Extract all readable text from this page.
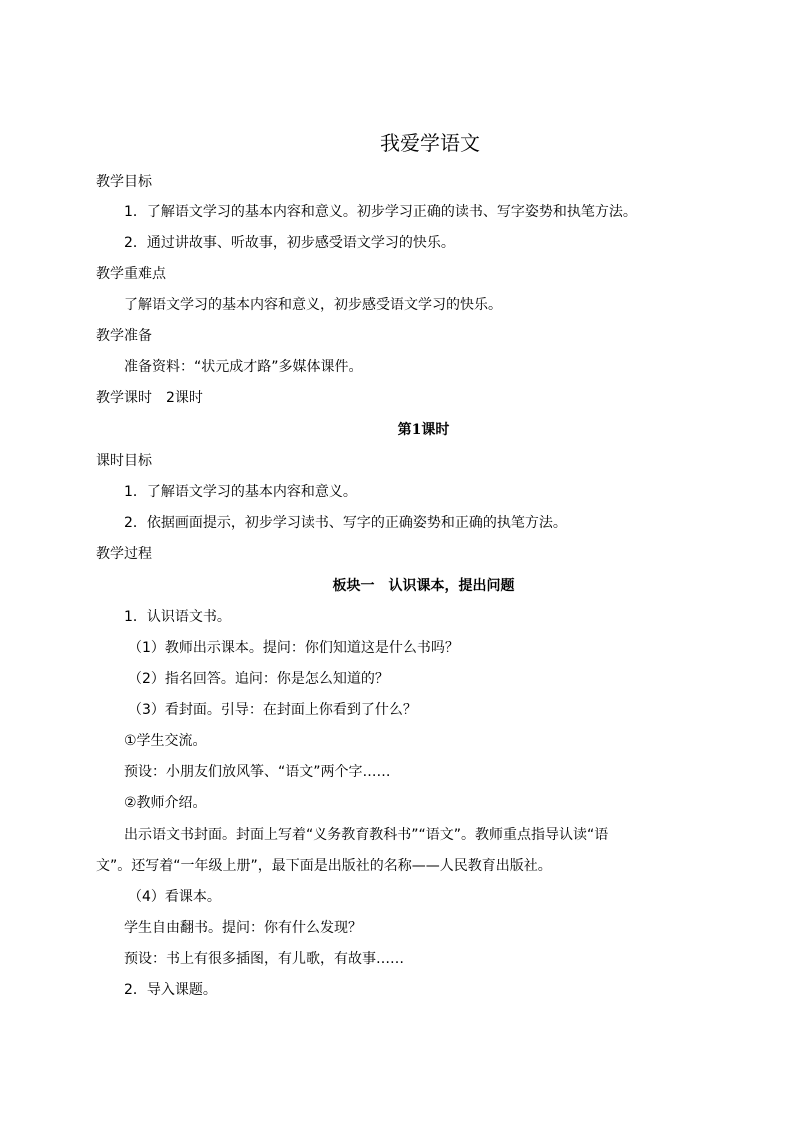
我爱学语文
教学目标
1．了解语文学习的基本内容和意义。初步学习正确的读书、写字姿势和执笔方法。
2．通过讲故事、听故事，初步感受语文学习的快乐。
教学重难点
了解语文学习的基本内容和意义，初步感受语文学习的快乐。
教学准备
准备资料：“状元成才路”多媒体课件。
教学课时　2课时
第1课时
课时目标
1．了解语文学习的基本内容和意义。
2．依据画面提示，初步学习读书、写字的正确姿势和正确的执笔方法。
教学过程
板块一　认识课本，提出问题
1．认识语文书。
（1）教师出示课本。提问：你们知道这是什么书吗？
（2）指名回答。追问：你是怎么知道的？
（3）看封面。引导：在封面上你看到了什么？
①学生交流。
预设：小朋友们放风筝、“语文”两个字……
②教师介绍。
出示语文书封面。封面上写着“义务教育教科书”“语文”。教师重点指导认读“语
文”。还写着“一年级上册”，最下面是出版社的名称——人民教育出版社。
（4）看课本。
学生自由翻书。提问：你有什么发现？
预设：书上有很多插图，有儿歌，有故事……
2．导入课题。
